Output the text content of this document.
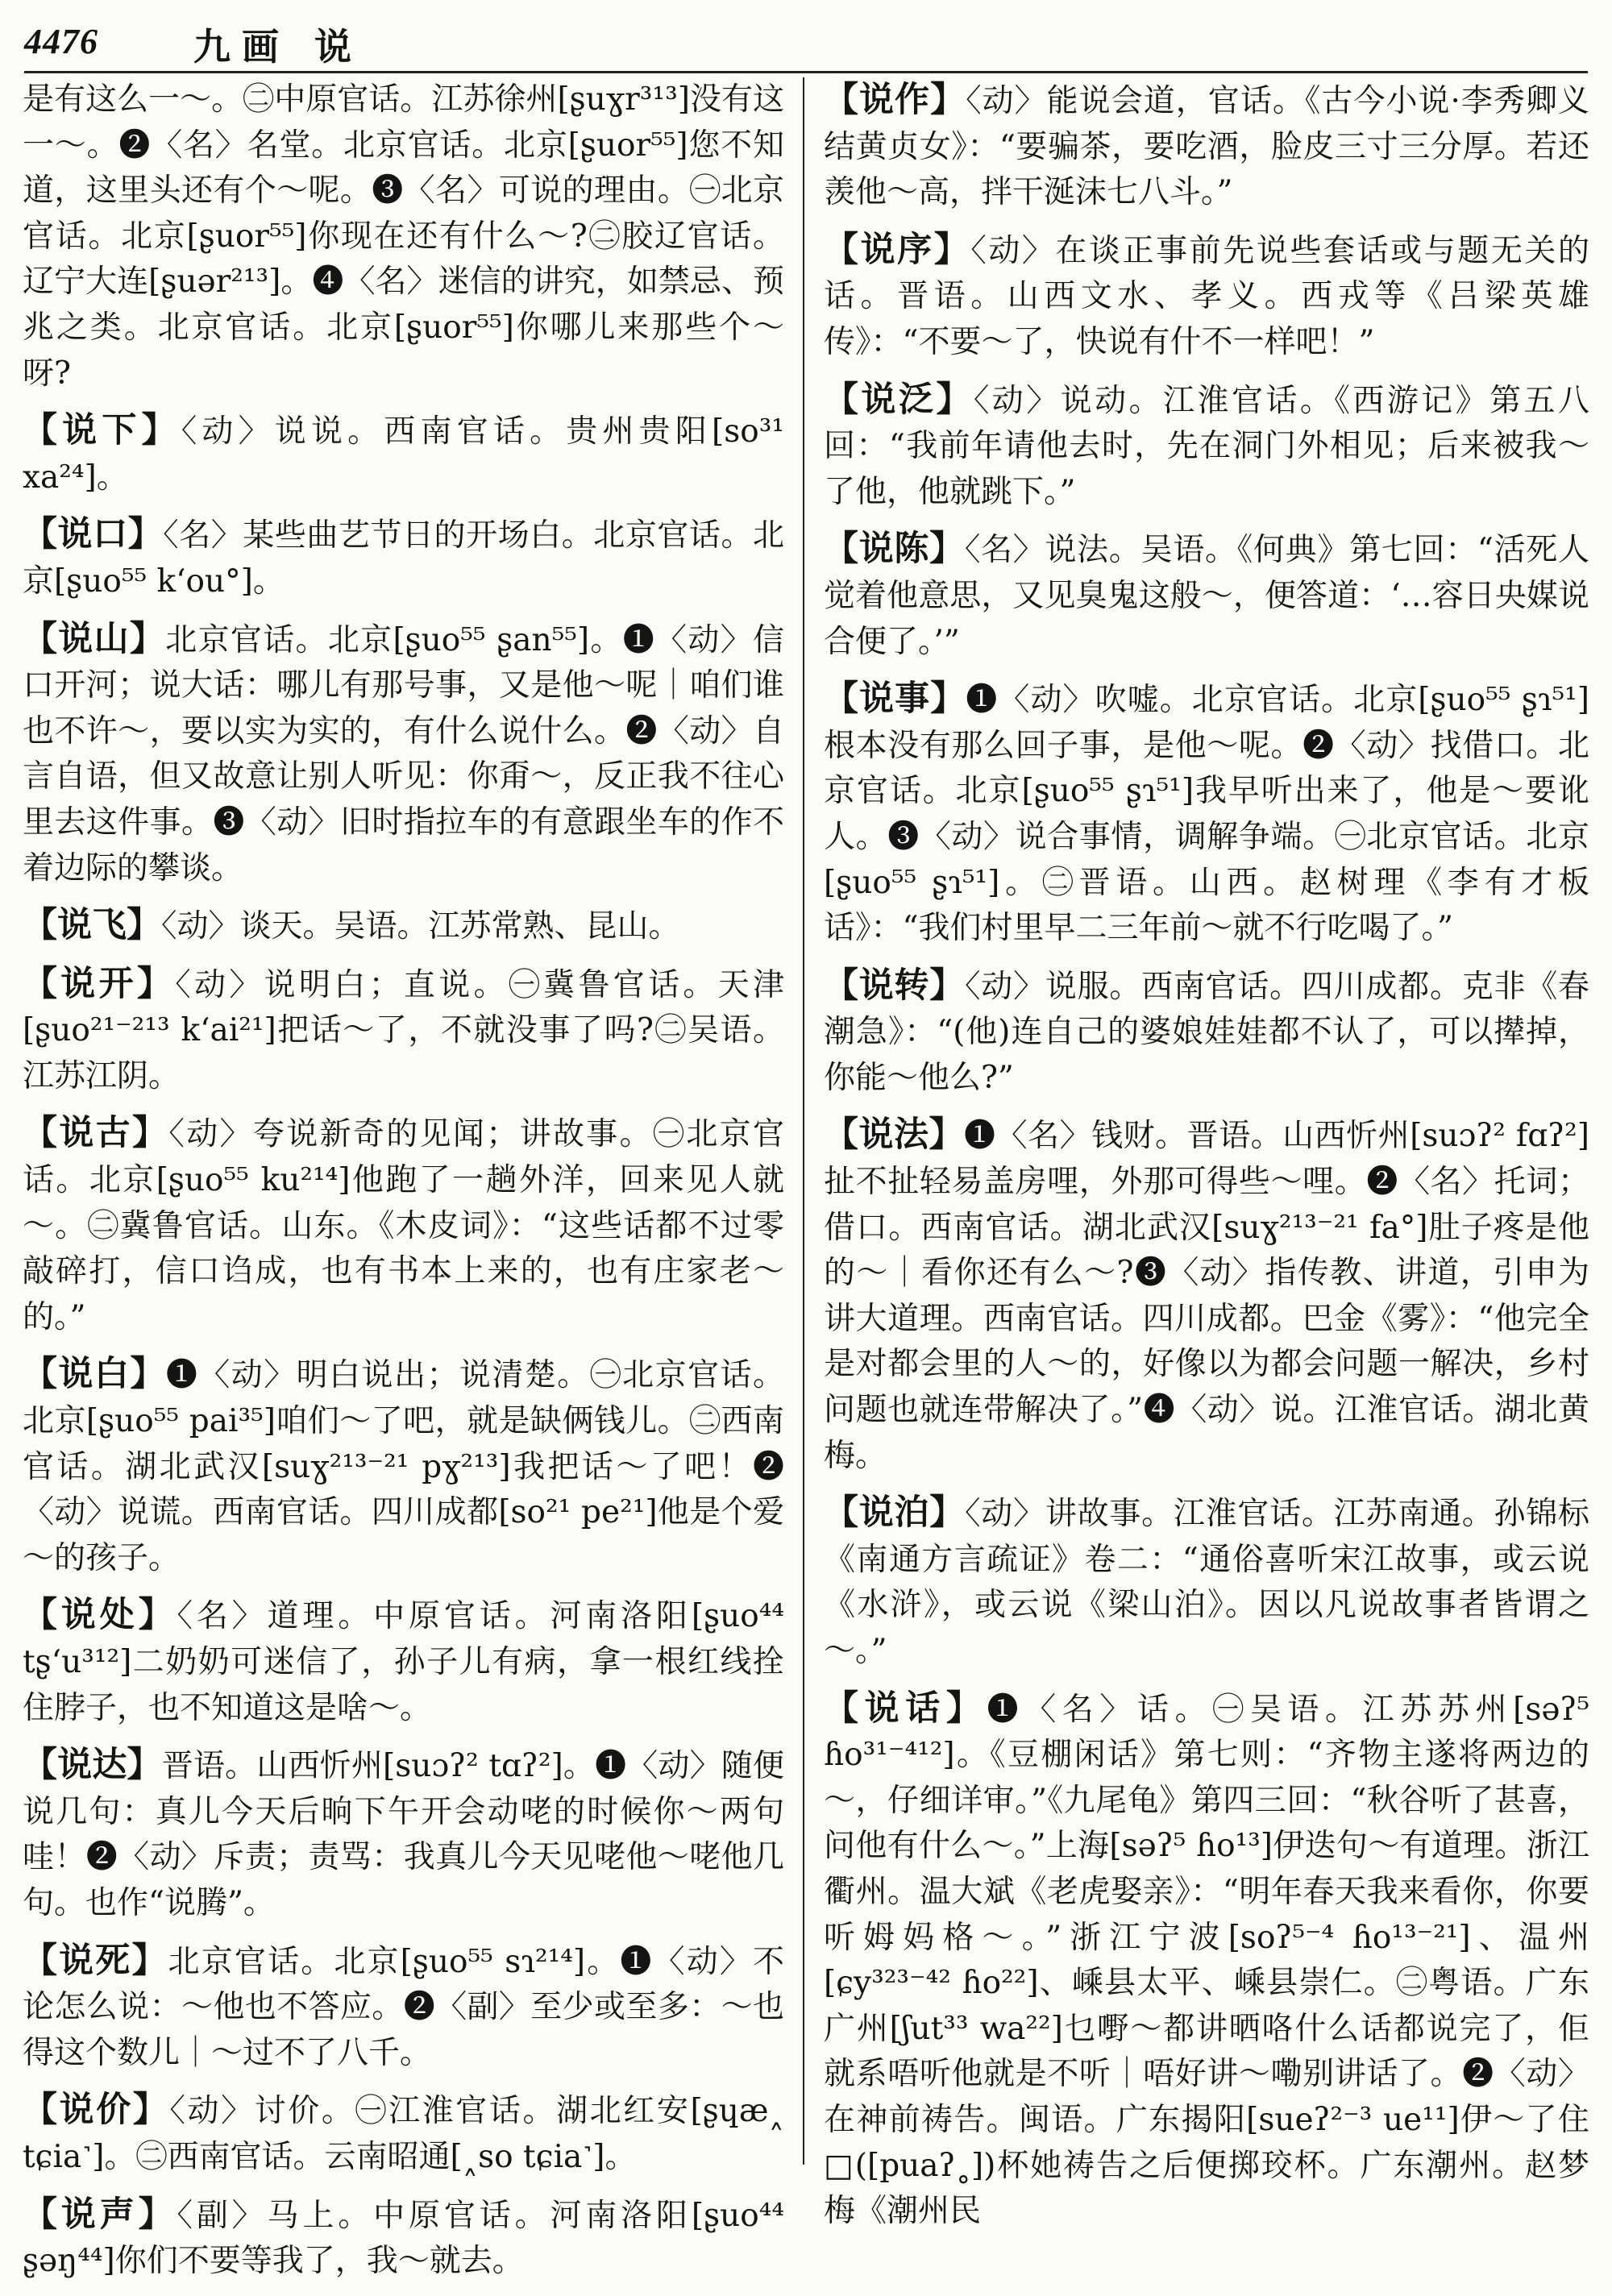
4476	九画 说

是有这么一～。㊁中原官话。江苏徐州[ʂuɣr³¹³]没有这一～。❷〈名〉名堂。北京官话。北京[ʂuor⁵⁵]您不知道，这里头还有个～呢。❸〈名〉可说的理由。㊀北京官话。北京[ʂuor⁵⁵]你现在还有什么～?㊁胶辽官话。辽宁大连[ʂuər²¹³]。❹〈名〉迷信的讲究，如禁忌、预兆之类。北京官话。北京[ʂuor⁵⁵]你哪儿来那些个～呀?

【说下】〈动〉说说。西南官话。贵州贵阳[so³¹ xa²⁴]。

【说口】〈名〉某些曲艺节日的开场白。北京官话。北京[ʂuo⁵⁵ kʻou°]。

【说山】北京官话。北京[ʂuo⁵⁵ ʂan⁵⁵]。❶〈动〉信口开河；说大话：哪儿有那号事，又是他～呢｜咱们谁也不许～，要以实为实的，有什么说什么。❷〈动〉自言自语，但又故意让别人听见：你甭～，反正我不往心里去这件事。❸〈动〉旧时指拉车的有意跟坐车的作不着边际的攀谈。

【说飞】〈动〉谈天。吴语。江苏常熟、昆山。

【说开】〈动〉说明白；直说。㊀冀鲁官话。天津[ʂuo²¹⁻²¹³ kʻai²¹]把话～了，不就没事了吗?㊁吴语。江苏江阴。

【说古】〈动〉夸说新奇的见闻；讲故事。㊀北京官话。北京[ʂuo⁵⁵ ku²¹⁴]他跑了一趟外洋，回来见人就～。㊁冀鲁官话。山东。《木皮词》：“这些话都不过零敲碎打，信口诌成，也有书本上来的，也有庄家老～的。”

【说白】❶〈动〉明白说出；说清楚。㊀北京官话。北京[ʂuo⁵⁵ pai³⁵]咱们～了吧，就是缺俩钱儿。㊁西南官话。湖北武汉[suɣ²¹³⁻²¹ pɣ²¹³]我把话～了吧！❷〈动〉说谎。西南官话。四川成都[so²¹ pe²¹]他是个爱～的孩子。

【说处】〈名〉道理。中原官话。河南洛阳[ʂuo⁴⁴ tʂʻu³¹²]二奶奶可迷信了，孙子儿有病，拿一根红线拴住脖子，也不知道这是啥～。

【说达】晋语。山西忻州[suɔʔ² tɑʔ²]。❶〈动〉随便说几句：真儿今天后晌下午开会动咾的时候你～两句哇！❷〈动〉斥责；责骂：我真儿今天见咾他～咾他几句。也作“说腾”。

【说死】北京官话。北京[ʂuo⁵⁵ sɿ²¹⁴]。❶〈动〉不论怎么说：～他也不答应。❷〈副〉至少或至多：～也得这个数儿｜～过不了八千。

【说价】〈动〉讨价。㊀江淮官话。湖北红安[ʂɥæ˰ tɕia˺]。㊁西南官话。云南昭通[˰so tɕia˺]。

【说声】〈副〉马上。中原官话。河南洛阳[ʂuo⁴⁴ ʂəŋ⁴⁴]你们不要等我了，我～就去。

【说作】〈动〉能说会道，官话。《古今小说·李秀卿义结黄贞女》：“要骗茶，要吃酒，脸皮三寸三分厚。若还羡他～高，拌干涎沫七八斗。”

【说序】〈动〉在谈正事前先说些套话或与题无关的话。晋语。山西文水、孝义。西戎等《吕梁英雄传》：“不要～了，快说有什不一样吧！”

【说泛】〈动〉说动。江淮官话。《西游记》第五八回：“我前年请他去时，先在洞门外相见；后来被我～了他，他就跳下。”

【说陈】〈名〉说法。吴语。《何典》第七回：“活死人觉着他意思，又见臭鬼这般～，便答道：‘…容日央媒说合便了。’”

【说事】❶〈动〉吹嘘。北京官话。北京[ʂuo⁵⁵ ʂɿ⁵¹]根本没有那么回子事，是他～呢。❷〈动〉找借口。北京官话。北京[ʂuo⁵⁵ ʂɿ⁵¹]我早听出来了，他是～要讹人。❸〈动〉说合事情，调解争端。㊀北京官话。北京[ʂuo⁵⁵ ʂɿ⁵¹]。㊁晋语。山西。赵树理《李有才板话》：“我们村里早二三年前～就不行吃喝了。”

【说转】〈动〉说服。西南官话。四川成都。克非《春潮急》：“(他)连自己的婆娘娃娃都不认了，可以撵掉，你能～他么?”

【说法】❶〈名〉钱财。晋语。山西忻州[suɔʔ² fɑʔ²]扯不扯轻易盖房哩，外那可得些～哩。❷〈名〉托词；借口。西南官话。湖北武汉[suɣ²¹³⁻²¹ fa°]肚子疼是他的～｜看你还有么～?❸〈动〉指传教、讲道，引申为讲大道理。西南官话。四川成都。巴金《雾》：“他完全是对都会里的人～的，好像以为都会问题一解决，乡村问题也就连带解决了。”❹〈动〉说。江淮官话。湖北黄梅。

【说泊】〈动〉讲故事。江淮官话。江苏南通。孙锦标《南通方言疏证》卷二：“通俗喜听宋江故事，或云说《水浒》，或云说《梁山泊》。因以凡说故事者皆谓之～。”

【说话】❶〈名〉话。㊀吴语。江苏苏州[səʔ⁵ ɦo³¹⁻⁴¹²]。《豆棚闲话》第七则：“齐物主遂将两边的～，仔细详审。”《九尾龟》第四三回：“秋谷听了甚喜，问他有什么～。”上海[səʔ⁵ ɦo¹³]伊迭句～有道理。浙江衢州。温大斌《老虎娶亲》：“明年春天我来看你，你要听姆妈格～。”浙江宁波[soʔ⁵⁻⁴ ɦo¹³⁻²¹]、温州[ɕy³²³⁻⁴² ɦo²²]、嵊县太平、嵊县崇仁。㊁粤语。广东广州[ʃut³³ wa²²]乜嘢～都讲晒咯什么话都说完了，佢就系唔听他就是不听｜唔好讲～嘞别讲话了。❷〈动〉在神前祷告。闽语。广东揭阳[sueʔ²⁻³ ue¹¹]伊～了住□([puaʔ˳])杯她祷告之后便掷珓杯。广东潮州。赵梦梅《潮州民
